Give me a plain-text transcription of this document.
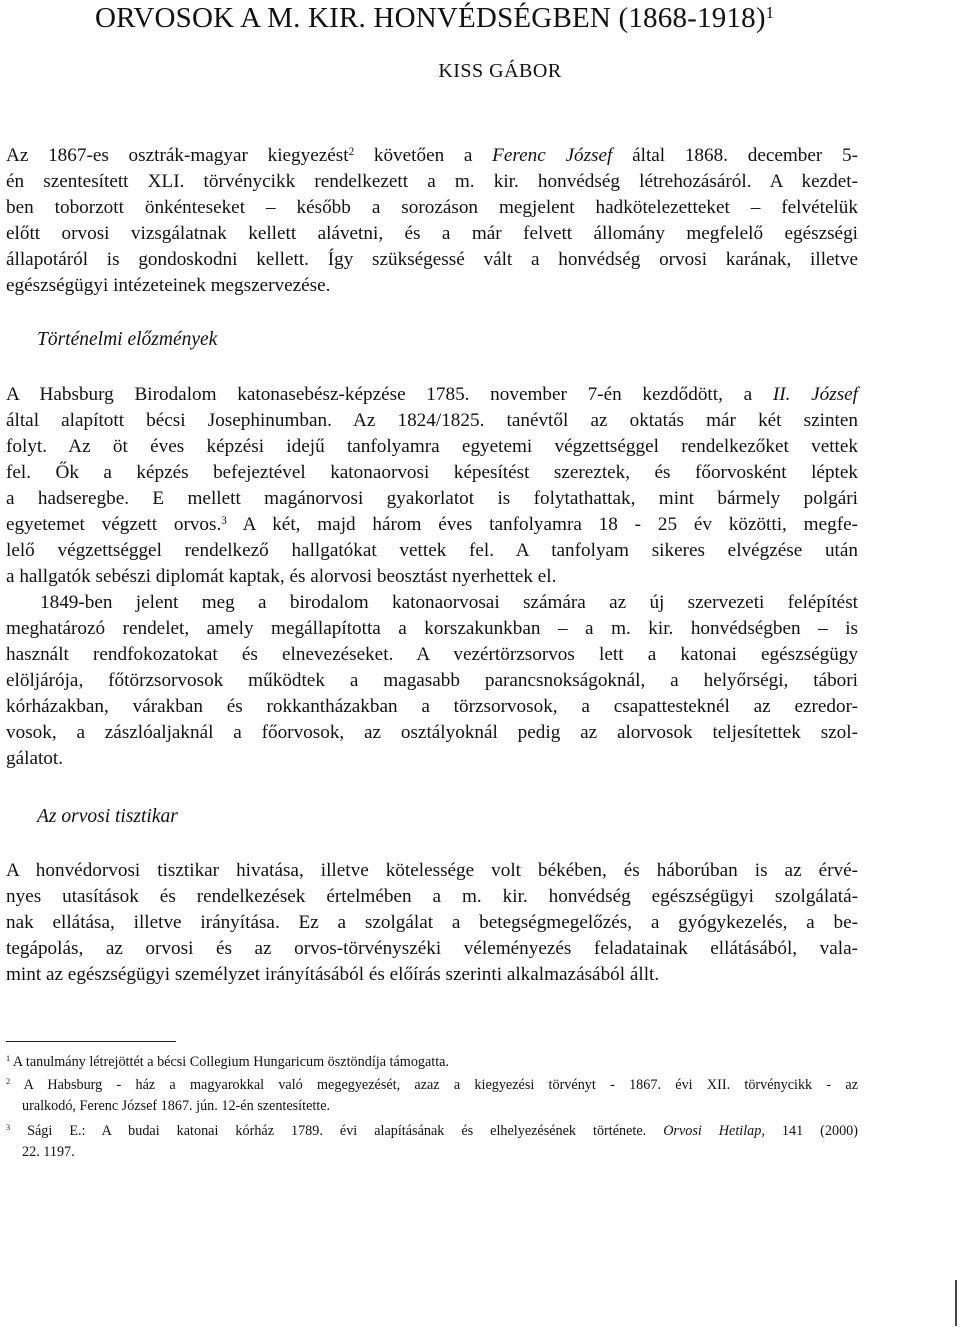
ORVOSOK A M. KIR. HONVÉDSÉGBEN (1868-1918)$^1$
KISS GÁBOR
Az 1867-es osztrák-magyar kiegyezést$^2$ követően a Ferenc József által 1868. december 5-
én szentesített XLI. törvénycikk rendelkezett a m. kir. honvédség létrehozásáról. A kezdet-
ben toborzott önkénteseket – később a sorozáson megjelent hadkötelezetteket – felvételük
előtt orvosi vizsgálatnak kellett alávetni, és a már felvett állomány megfelelő egészségi
állapotáról is gondoskodni kellett. Így szükségessé vált a honvédség orvosi karának, illetve
egészségügyi intézeteinek megszervezése.
Történelmi előzmények
A Habsburg Birodalom katonasebész-képzése 1785. november 7-én kezdődött, a II. József
által alapított bécsi Josephinumban. Az 1824/1825. tanévtől az oktatás már két szinten
folyt. Az öt éves képzési idejű tanfolyamra egyetemi végzettséggel rendelkezőket vettek
fel. Ők a képzés befejeztével katonaorvosi képesítést szereztek, és főorvosként léptek
a hadseregbe. E mellett magánorvosi gyakorlatot is folytathattak, mint bármely polgári
egyetemet végzett orvos.$^3$ A két, majd három éves tanfolyamra 18 - 25 év közötti, megfe-
lelő végzettséggel rendelkező hallgatókat vettek fel. A tanfolyam sikeres elvégzése után
a hallgatók sebészi diplomát kaptak, és alorvosi beosztást nyerhettek el.
1849-ben jelent meg a birodalom katonaorvosai számára az új szervezeti felépítést
meghatározó rendelet, amely megállapította a korszakunkban – a m. kir. honvédségben – is
használt rendfokozatokat és elnevezéseket. A vezértörzsorvos lett a katonai egészségügy
elöljárója, főtörzsorvosok működtek a magasabb parancsnokságoknál, a helyőrségi, tábori
kórházakban, várakban és rokkantházakban a törzsorvosok, a csapattesteknél az ezredor-
vosok, a zászlóaljaknál a főorvosok, az osztályoknál pedig az alorvosok teljesítettek szol-
gálatot.
Az orvosi tisztikar
A honvédorvosi tisztikar hivatása, illetve kötelessége volt békében, és háborúban is az érvé-
nyes utasítások és rendelkezések értelmében a m. kir. honvédség egészségügyi szolgálatá-
nak ellátása, illetve irányítása. Ez a szolgálat a betegségmegelőzés, a gyógykezelés, a be-
tegápolás, az orvosi és az orvos-törvényszéki véleményezés feladatainak ellátásából, vala-
mint az egészségügyi személyzet irányításából és előírás szerinti alkalmazásából állt.
$^1$ A tanulmány létrejöttét a bécsi Collegium Hungaricum ösztöndíja támogatta.
$^2$ A Habsburg - ház a magyarokkal való megegyezését, azaz a kiegyezési törvényt - 1867. évi XII. törvénycikk - az
uralkodó, Ferenc József 1867. jún. 12-én szentesítette.
$^3$ Sági E.: A budai katonai kórház 1789. évi alapításának és elhelyezésének története. Orvosi Hetilap, 141 (2000)
22. 1197.
